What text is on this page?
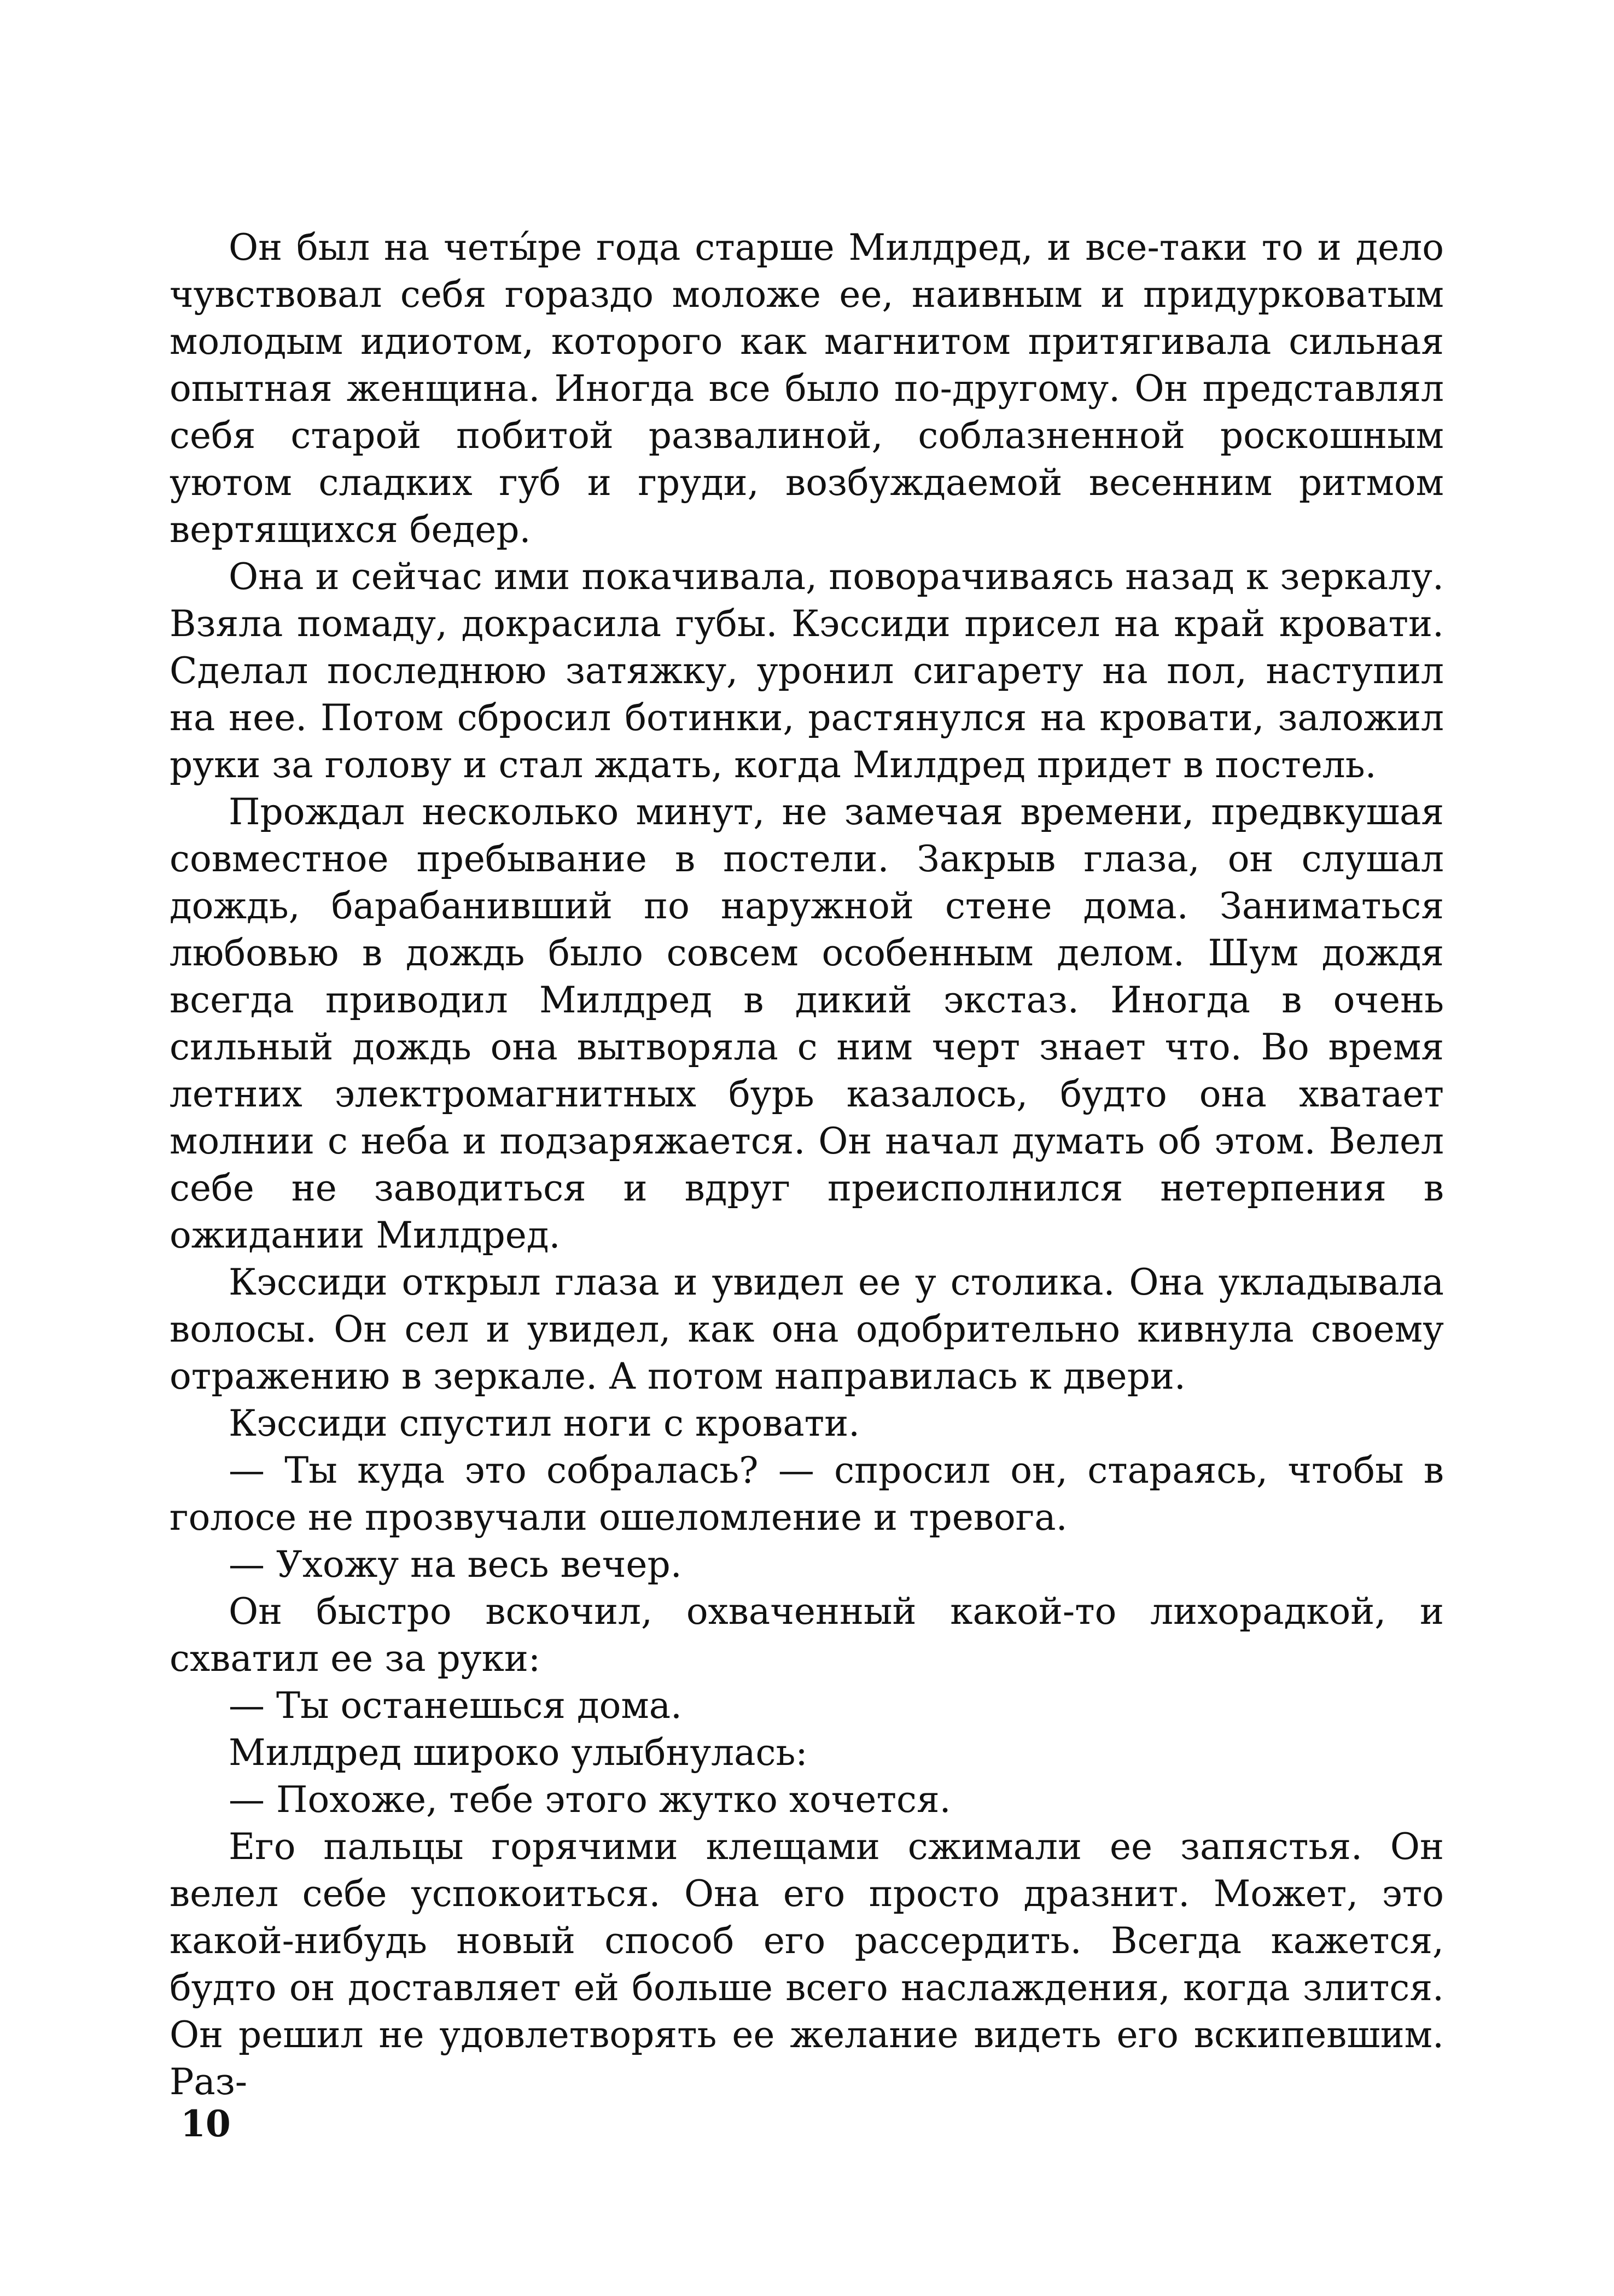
Он был на четы́ре года старше Милдред, и все-таки то и дело чувствовал себя гораздо моложе ее, наивным и придурковатым молодым идиотом, которого как магнитом притягивала сильная опытная женщина. Иногда все было по-другому. Он представлял себя старой побитой развалиной, соблазненной роскошным уютом сладких губ и груди, возбуждаемой весенним ритмом вертящихся бедер.

Она и сейчас ими покачивала, поворачиваясь назад к зеркалу. Взяла помаду, докрасила губы. Кэссиди присел на край кровати. Сделал последнюю затяжку, уронил сигарету на пол, наступил на нее. Потом сбросил ботинки, растянулся на кровати, заложил руки за голову и стал ждать, когда Милдред придет в постель.

Прождал несколько минут, не замечая времени, предвкушая совместное пребывание в постели. Закрыв глаза, он слушал дождь, барабанивший по наружной стене дома. Заниматься любовью в дождь было совсем особенным делом. Шум дождя всегда приводил Милдред в дикий экстаз. Иногда в очень сильный дождь она вытворяла с ним черт знает что. Во время летних электромагнитных бурь казалось, будто она хватает молнии с неба и подзаряжается. Он начал думать об этом. Велел себе не заводиться и вдруг преисполнился нетерпения в ожидании Милдред.

Кэссиди открыл глаза и увидел ее у столика. Она укладывала волосы. Он сел и увидел, как она одобрительно кивнула своему отражению в зеркале. А потом направилась к двери.

Кэссиди спустил ноги с кровати.

— Ты куда это собралась? — спросил он, стараясь, чтобы в голосе не прозвучали ошеломление и тревога.

— Ухожу на весь вечер.

Он быстро вскочил, охваченный какой-то лихорадкой, и схватил ее за руки:

— Ты останешься дома.

Милдред широко улыбнулась:

— Похоже, тебе этого жутко хочется.

Его пальцы горячими клещами сжимали ее запястья. Он велел себе успокоиться. Она его просто дразнит. Может, это какой-нибудь новый способ его рассердить. Всегда кажется, будто он доставляет ей больше всего наслаждения, когда злится. Он решил не удовлетворять ее желание видеть его вскипевшим. Раз-

10
